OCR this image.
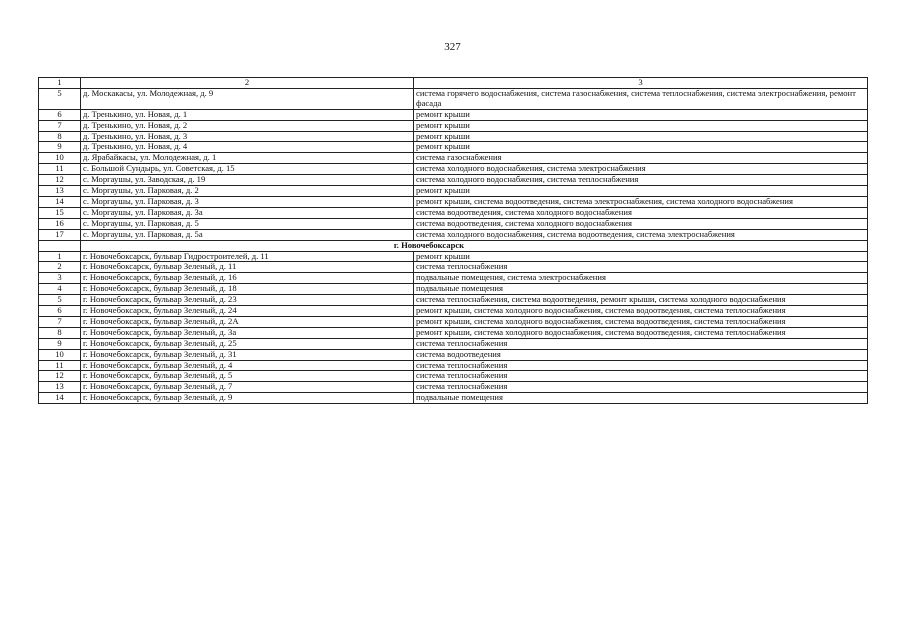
327
1	2	3
5	д. Москакасы, ул. Молодежная, д. 9	система горячего водоснабжения, система газоснабжения, система теплоснабжения, система электроснабжения, ремонт фасада
6	д. Тренькино, ул. Новая, д. 1	ремонт крыши
7	д. Тренькино, ул. Новая, д. 2	ремонт крыши
8	д. Тренькино, ул. Новая, д. 3	ремонт крыши
9	д. Тренькино, ул. Новая, д. 4	ремонт крыши
10	д. Ярабайкасы, ул. Молодежная, д. 1	система газоснабжения
11	с. Большой Сундырь, ул. Советская, д. 15	система холодного водоснабжения, система электроснабжения
12	с. Моргаушы, ул. Заводская, д. 19	система холодного водоснабжения, система теплоснабжения
13	с. Моргаушы, ул. Парковая, д. 2	ремонт крыши
14	с. Моргаушы, ул. Парковая, д. 3	ремонт крыши, система водоотведения, система электроснабжения, система холодного водоснабжения
15	с. Моргаушы, ул. Парковая, д. 3а	система водоотведения, система холодного водоснабжения
16	с. Моргаушы, ул. Парковая, д. 5	система водоотведения, система холодного водоснабжения
17	с. Моргаушы, ул. Парковая, д. 5а	система холодного водоснабжения, система водоотведения, система электроснабжения
	г. Новочебоксарск	
1	г. Новочебоксарск, бульвар Гидростроителей, д. 11	ремонт крыши
2	г. Новочебоксарск, бульвар Зеленый, д. 11	система теплоснабжения
3	г. Новочебоксарск, бульвар Зеленый, д. 16	подвальные помещения, система электроснабжения
4	г. Новочебоксарск, бульвар Зеленый, д. 18	подвальные помещения
5	г. Новочебоксарск, бульвар Зеленый, д. 23	система теплоснабжения, система водоотведения, ремонт крыши, система холодного водоснабжения
6	г. Новочебоксарск, бульвар Зеленый, д. 24	ремонт крыши, система холодного водоснабжения, система водоотведения, система теплоснабжения
7	г. Новочебоксарск, бульвар Зеленый, д. 2А	ремонт крыши, система холодного водоснабжения, система водоотведения, система теплоснабжения
8	г. Новочебоксарск, бульвар Зеленый, д. 3а	ремонт крыши, система холодного водоснабжения, система водоотведения, система теплоснабжения
9	г. Новочебоксарск, бульвар Зеленый, д. 25	система теплоснабжения
10	г. Новочебоксарск, бульвар Зеленый, д. 31	система водоотведения
11	г. Новочебоксарск, бульвар Зеленый, д. 4	система теплоснабжения
12	г. Новочебоксарск, бульвар Зеленый, д. 5	система теплоснабжения
13	г. Новочебоксарск, бульвар Зеленый, д. 7	система теплоснабжения
14	г. Новочебоксарск, бульвар Зеленый, д. 9	подвальные помещения
